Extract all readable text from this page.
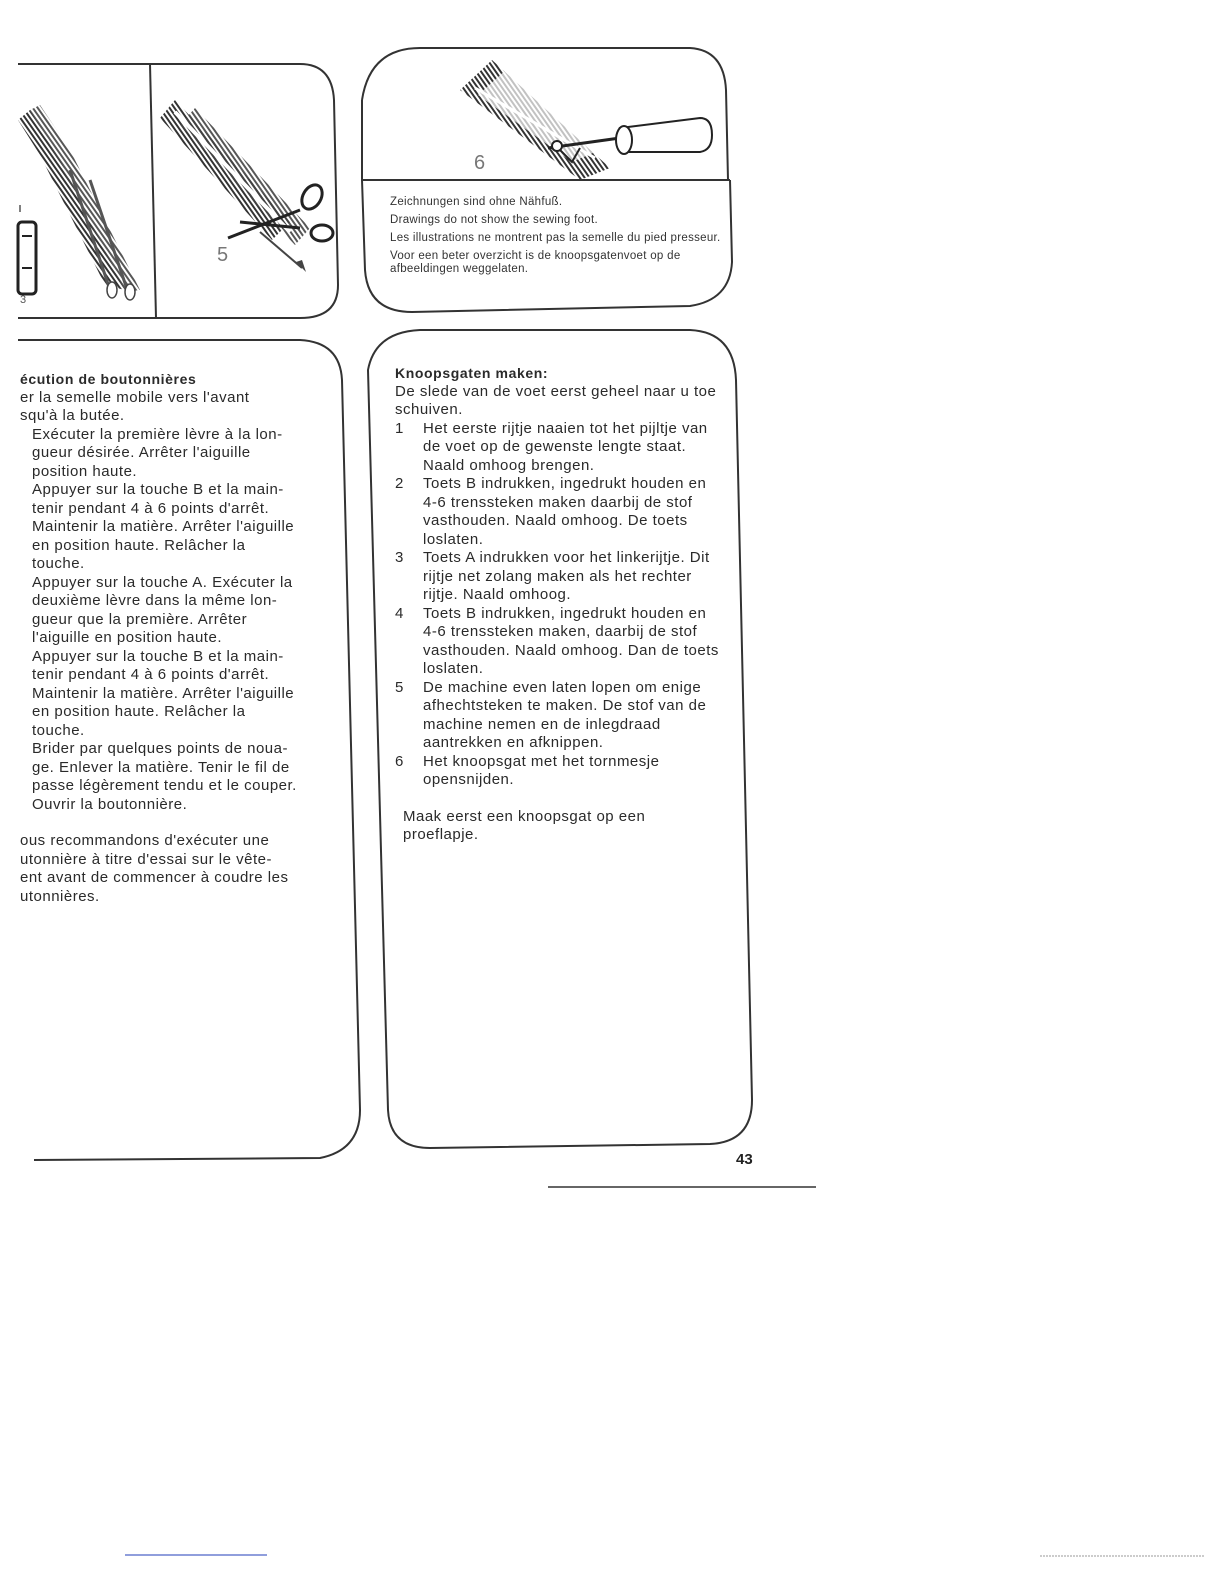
5
6
3

Zeichnungen sind ohne Nähfuß.

Drawings do not show the sewing foot.

Les illustrations ne montrent pas la semelle du pied presseur.

Voor een beter overzicht is de knoopsgatenvoet op de afbeeldingen weggelaten.

écution de boutonnières
er la semelle mobile vers l'avant
squ'à la butée.
Exécuter la première lèvre à la lon-
gueur désirée. Arrêter l'aiguille
position haute.
Appuyer sur la touche B et la main-
tenir pendant 4 à 6 points d'arrêt.
Maintenir la matière. Arrêter l'aiguille
en position haute. Relâcher la
touche.
Appuyer sur la touche A. Exécuter la
deuxième lèvre dans la même lon-
gueur que la première. Arrêter
l'aiguille en position haute.
Appuyer sur la touche B et la main-
tenir pendant 4 à 6 points d'arrêt.
Maintenir la matière. Arrêter l'aiguille
en position haute. Relâcher la
touche.
Brider par quelques points de noua-
ge. Enlever la matière. Tenir le fil de
passe légèrement tendu et le couper.
Ouvrir la boutonnière.
ous recommandons d'exécuter une
utonnière à titre d'essai sur le vête-
ent avant de commencer à coudre les
utonnières.
Knoopsgaten maken:
De slede van de voet eerst geheel naar u toe schuiven.
1	Het eerste rijtje naaien tot het pijltje van de voet op de gewenste lengte staat. Naald omhoog brengen.
2	Toets B indrukken, ingedrukt houden en 4-6 trenssteken maken daarbij de stof vasthouden. Naald omhoog. De toets loslaten.
3	Toets A indrukken voor het linkerijtje. Dit rijtje net zolang maken als het rechter rijtje. Naald omhoog.
4	Toets B indrukken, ingedrukt houden en 4-6 trenssteken maken, daarbij de stof vasthouden. Naald omhoog. Dan de toets loslaten.
5	De machine even laten lopen om enige afhechtsteken te maken. De stof van de machine nemen en de inlegdraad aantrekken en afknippen.
6	Het knoopsgat met het tornmesje opensnijden.
Maak eerst een knoopsgat op een proeflapje.
43
